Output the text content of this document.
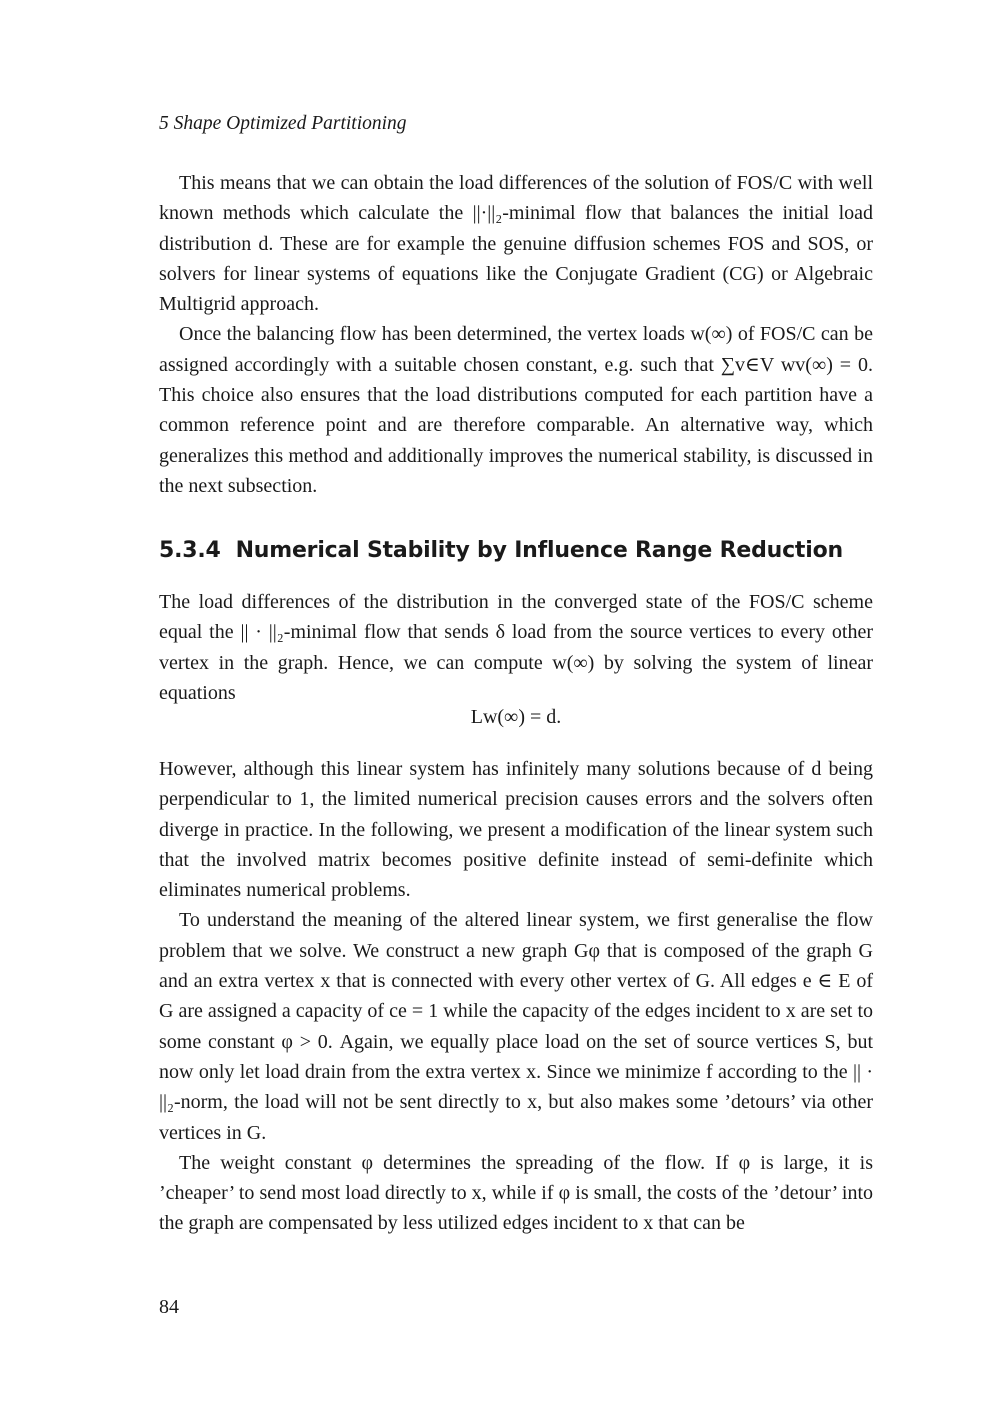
5 Shape Optimized Partitioning

This means that we can obtain the load differences of the solution of FOS/C with well known methods which calculate the ||·||₂-minimal flow that balances the initial load distribution d. These are for example the genuine diffusion schemes FOS and SOS, or solvers for linear systems of equations like the Conjugate Gradient (CG) or Algebraic Multigrid approach.

Once the balancing flow has been determined, the vertex loads w(∞) of FOS/C can be assigned accordingly with a suitable chosen constant, e.g. such that ∑v∈V wv(∞) = 0. This choice also ensures that the load distributions computed for each partition have a common reference point and are therefore comparable. An alternative way, which generalizes this method and additionally improves the numerical stability, is discussed in the next subsection.

5.3.4 Numerical Stability by Influence Range Reduction

The load differences of the distribution in the converged state of the FOS/C scheme equal the || · ||₂-minimal flow that sends δ load from the source vertices to every other vertex in the graph. Hence, we can compute w(∞) by solving the system of linear equations

Lw(∞) = d.

However, although this linear system has infinitely many solutions because of d being perpendicular to 1, the limited numerical precision causes errors and the solvers often diverge in practice. In the following, we present a modification of the linear system such that the involved matrix becomes positive definite instead of semi-definite which eliminates numerical problems.

To understand the meaning of the altered linear system, we first generalise the flow problem that we solve. We construct a new graph Gφ that is composed of the graph G and an extra vertex x that is connected with every other vertex of G. All edges e ∈ E of G are assigned a capacity of ce = 1 while the capacity of the edges incident to x are set to some constant φ > 0. Again, we equally place load on the set of source vertices S, but now only let load drain from the extra vertex x. Since we minimize f according to the || · ||₂-norm, the load will not be sent directly to x, but also makes some ’detours’ via other vertices in G.

The weight constant φ determines the spreading of the flow. If φ is large, it is ’cheaper’ to send most load directly to x, while if φ is small, the costs of the ’detour’ into the graph are compensated by less utilized edges incident to x that can be

84
